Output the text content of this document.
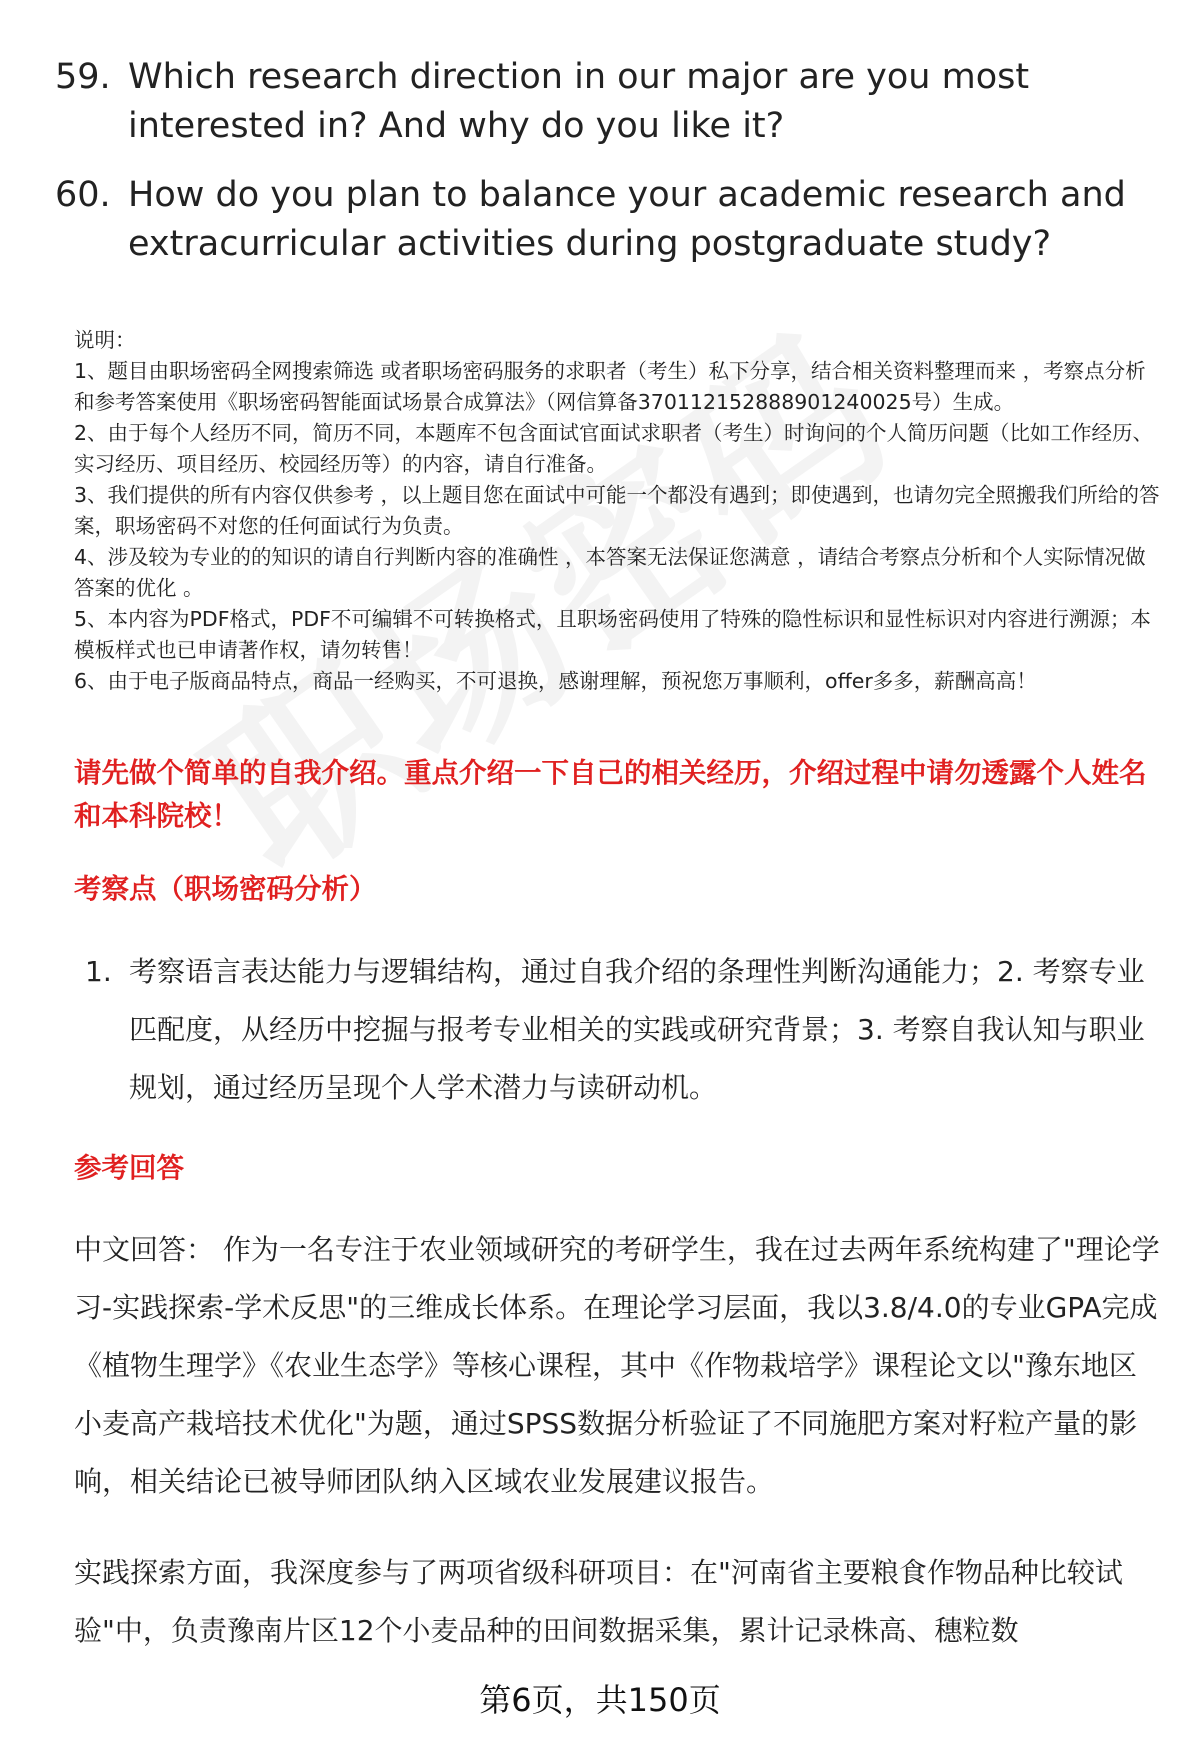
59. Which research direction in our major are you most interested in? And why do you like it?
60. How do you plan to balance your academic research and extracurricular activities during postgraduate study?

说明：

1、题目由职场密码全网搜索筛选 或者职场密码服务的求职者（考生）私下分享，结合相关资料整理而来 ，考察点分析和参考答案使用《职场密码智能面试场景合成算法》（网信算备370112152888901240025号）生成。

2、由于每个人经历不同，简历不同，本题库不包含面试官面试求职者（考生）时询问的个人简历问题（比如工作经历、实习经历、项目经历、校园经历等）的内容，请自行准备。

3、我们提供的所有内容仅供参考 ，以上题目您在面试中可能一个都没有遇到；即使遇到，也请勿完全照搬我们所给的答案，职场密码不对您的任何面试行为负责。

4、涉及较为专业的的知识的请自行判断内容的准确性 ，本答案无法保证您满意 ，请结合考察点分析和个人实际情况做答案的优化 。

5、本内容为PDF格式，PDF不可编辑不可转换格式，且职场密码使用了特殊的隐性标识和显性标识对内容进行溯源；本模板样式也已申请著作权，请勿转售！

6、由于电子版商品特点，商品一经购买，不可退换，感谢理解，预祝您万事顺利，offer多多，薪酬高高！

请先做个简单的自我介绍。重点介绍一下自己的相关经历，介绍过程中请勿透露个人姓名和本科院校！
考察点（职场密码分析）
1. 考察语言表达能力与逻辑结构，通过自我介绍的条理性判断沟通能力；2. 考察专业匹配度，从经历中挖掘与报考专业相关的实践或研究背景；3. 考察自我认知与职业规划，通过经历呈现个人学术潜力与读研动机。
参考回答

中文回答： 作为一名专注于农业领域研究的考研学生，我在过去两年系统构建了"理论学习-实践探索-学术反思"的三维成长体系。在理论学习层面，我以3.8/4.0的专业GPA完成《植物生理学》《农业生态学》等核心课程，其中《作物栽培学》课程论文以"豫东地区小麦高产栽培技术优化"为题，通过SPSS数据分析验证了不同施肥方案对籽粒产量的影响，相关结论已被导师团队纳入区域农业发展建议报告。

实践探索方面，我深度参与了两项省级科研项目：在"河南省主要粮食作物品种比较试验"中，负责豫南片区12个小麦品种的田间数据采集，累计记录株高、穗粒数

第6页，共150页
